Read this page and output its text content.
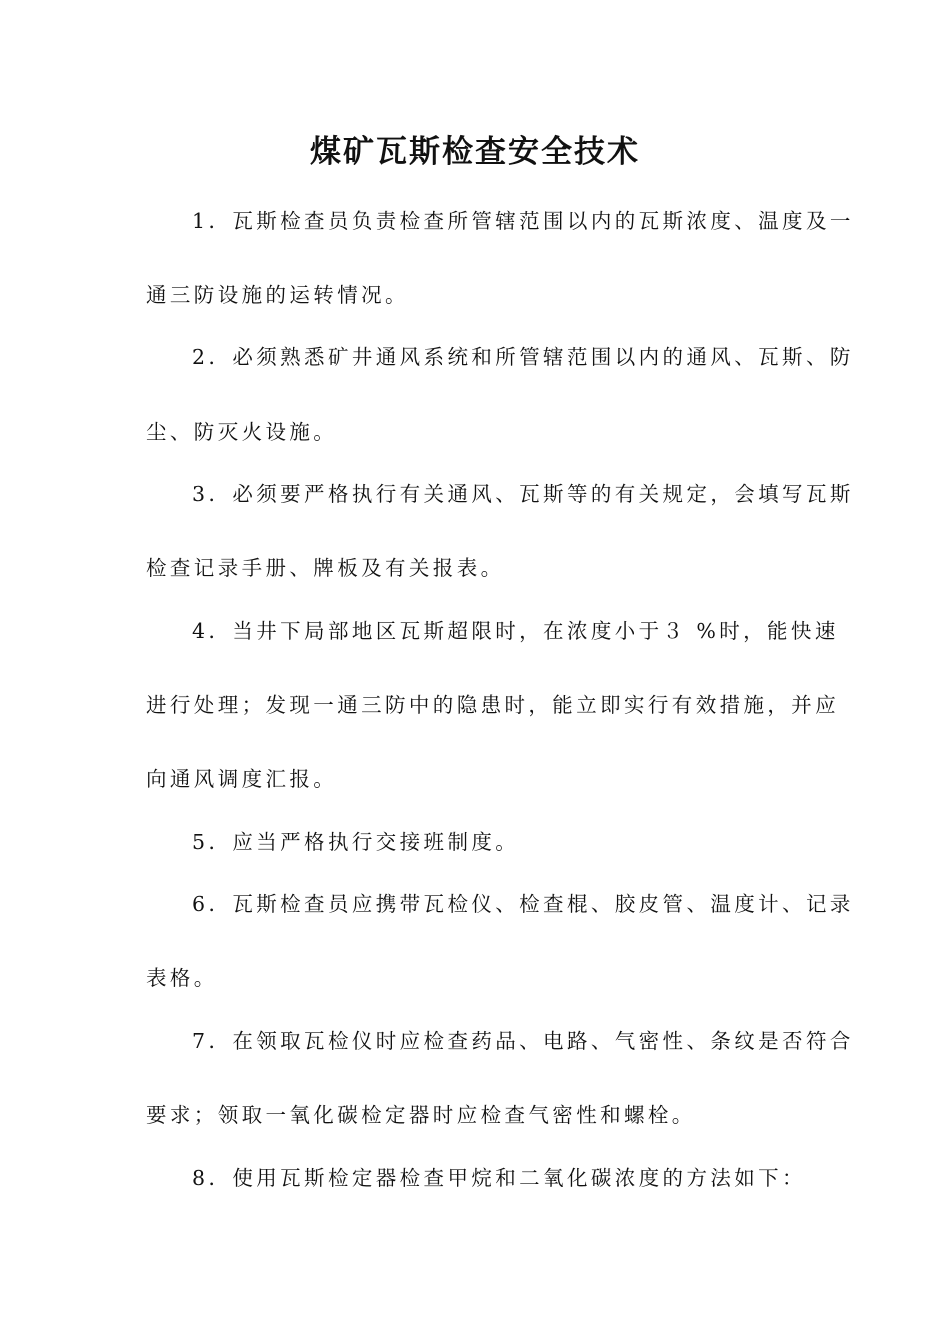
煤矿瓦斯检查安全技术

1．瓦斯检查员负责检查所管辖范围以内的瓦斯浓度、温度及一

通三防设施的运转情况。

2．必须熟悉矿井通风系统和所管辖范围以内的通风、瓦斯、防

尘、防灭火设施。

3．必须要严格执行有关通风、瓦斯等的有关规定，会填写瓦斯

检查记录手册、牌板及有关报表。

4．当井下局部地区瓦斯超限时，在浓度小于３ %时，能快速

进行处理；发现一通三防中的隐患时，能立即实行有效措施，并应

向通风调度汇报。

5．应当严格执行交接班制度。

6．瓦斯检查员应携带瓦检仪、检查棍、胶皮管、温度计、记录

表格。

7．在领取瓦检仪时应检查药品、电路、气密性、条纹是否符合

要求；领取一氧化碳检定器时应检查气密性和螺栓。

8．使用瓦斯检定器检查甲烷和二氧化碳浓度的方法如下：
